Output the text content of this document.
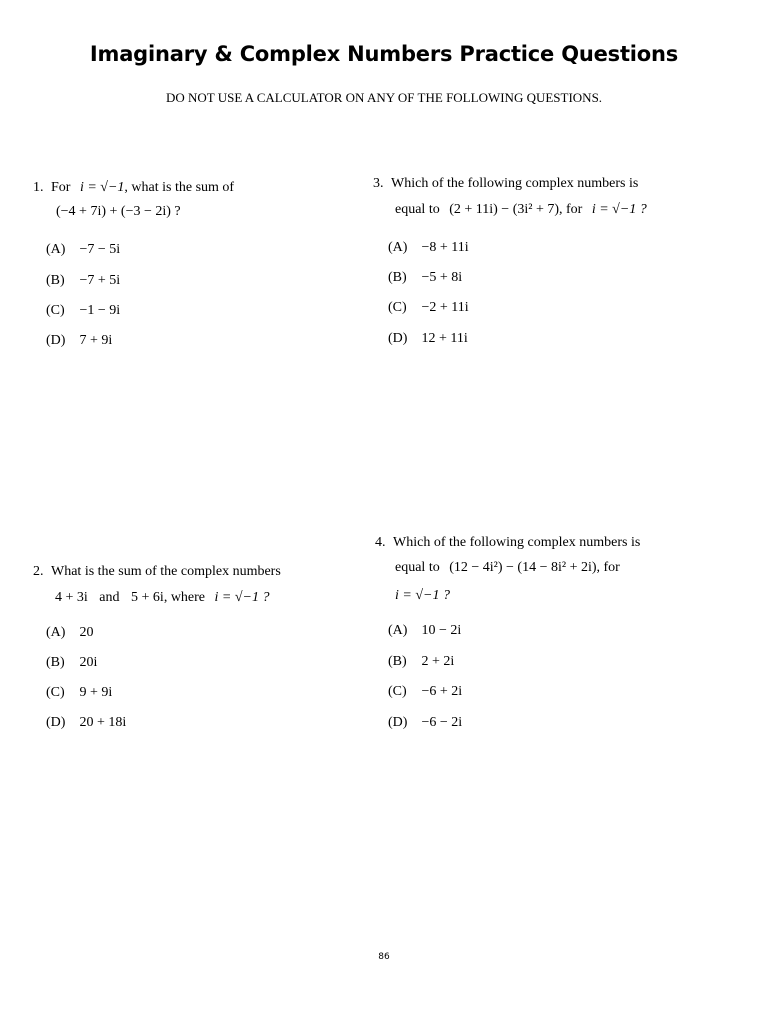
Imaginary & Complex Numbers Practice Questions
DO NOT USE A CALCULATOR ON ANY OF THE FOLLOWING QUESTIONS.
1. For i = √−1, what is the sum of
(−4 + 7i) + (−3 − 2i) ?
(A) −7 − 5i
(B) −7 + 5i
(C) −1 − 9i
(D) 7 + 9i
3. Which of the following complex numbers is
equal to (2 + 11i) − (3i² + 7), for i = √−1 ?
(A) −8 + 11i
(B) −5 + 8i
(C) −2 + 11i
(D) 12 + 11i
2. What is the sum of the complex numbers
4 + 3i and 5 + 6i, where i = √−1 ?
(A) 20
(B) 20i
(C) 9 + 9i
(D) 20 + 18i
4. Which of the following complex numbers is
equal to (12 − 4i²) − (14 − 8i² + 2i), for
i = √−1 ?
(A) 10 − 2i
(B) 2 + 2i
(C) −6 + 2i
(D) −6 − 2i
86
